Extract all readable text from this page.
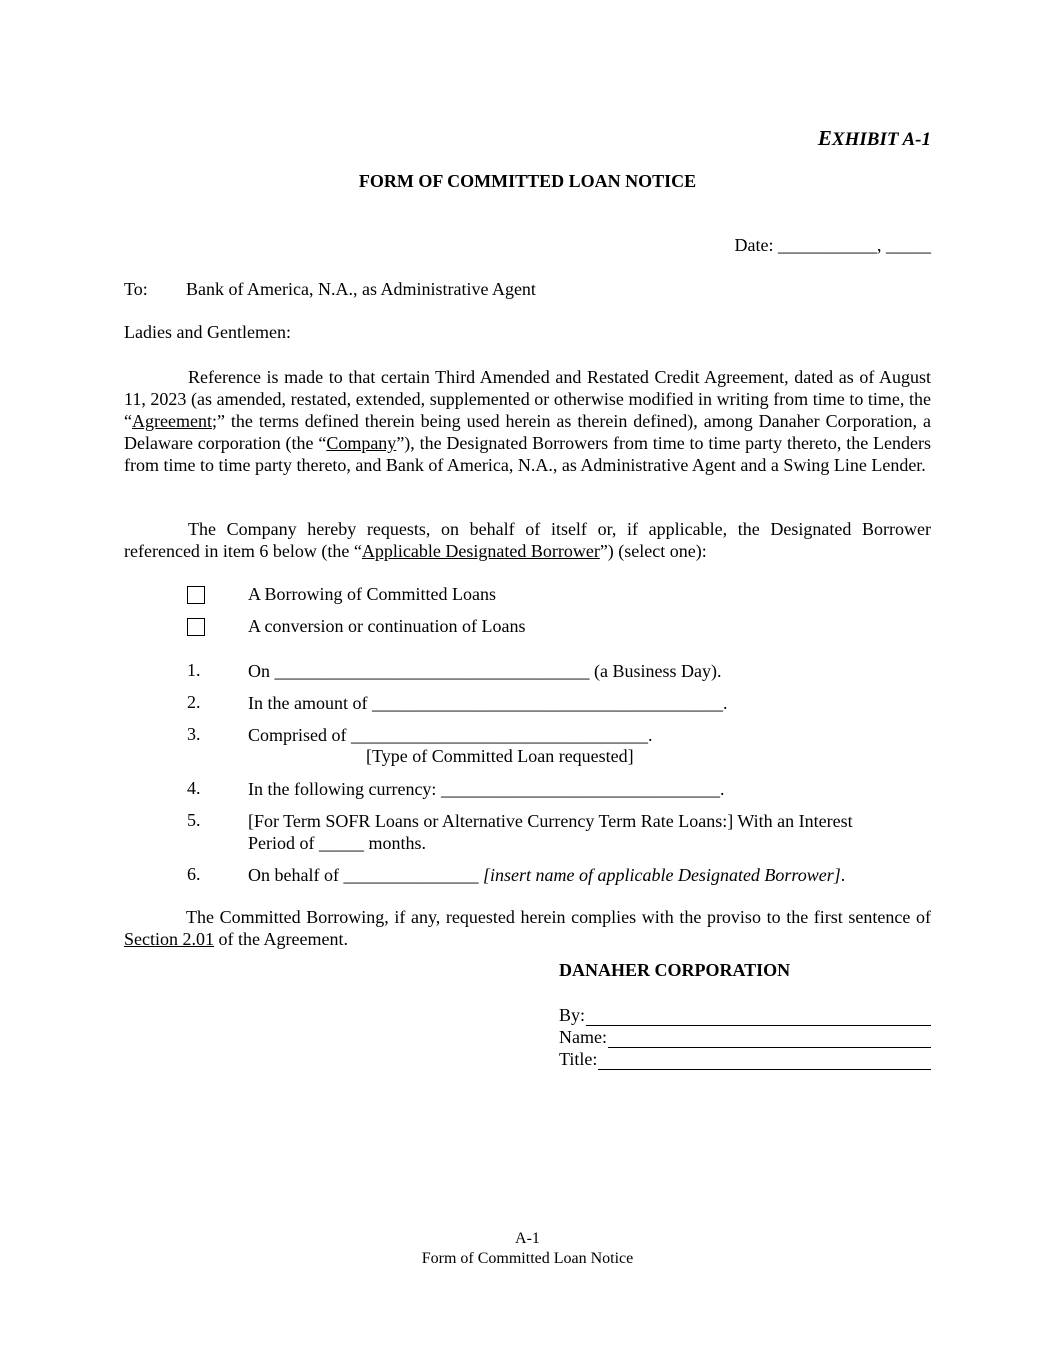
EXHIBIT A-1
FORM OF COMMITTED LOAN NOTICE
Date: ___________, _____
To: Bank of America, N.A., as Administrative Agent
Ladies and Gentlemen:
Reference is made to that certain Third Amended and Restated Credit Agreement, dated as of August 11, 2023 (as amended, restated, extended, supplemented or otherwise modified in writing from time to time, the “Agreement;” the terms defined therein being used herein as therein defined), among Danaher Corporation, a Delaware corporation (the “Company”), the Designated Borrowers from time to time party thereto, the Lenders from time to time party thereto, and Bank of America, N.A., as Administrative Agent and a Swing Line Lender.
The Company hereby requests, on behalf of itself or, if applicable, the Designated Borrower referenced in item 6 below (the “Applicable Designated Borrower”) (select one):
A Borrowing of Committed Loans
A conversion or continuation of Loans
1.	On ___________________________________ (a Business Day).
2.	In the amount of _______________________________________.
3.	Comprised of _________________________________.
[Type of Committed Loan requested]
4.	In the following currency: _______________________________.
5.	[For Term SOFR Loans or Alternative Currency Term Rate Loans:] With an Interest Period of _____ months.
6.	On behalf of _______________ [insert name of applicable Designated Borrower].
The Committed Borrowing, if any, requested herein complies with the proviso to the first sentence of Section 2.01 of the Agreement.
DANAHER CORPORATION
By:
Name:
Title:
A-1
Form of Committed Loan Notice
